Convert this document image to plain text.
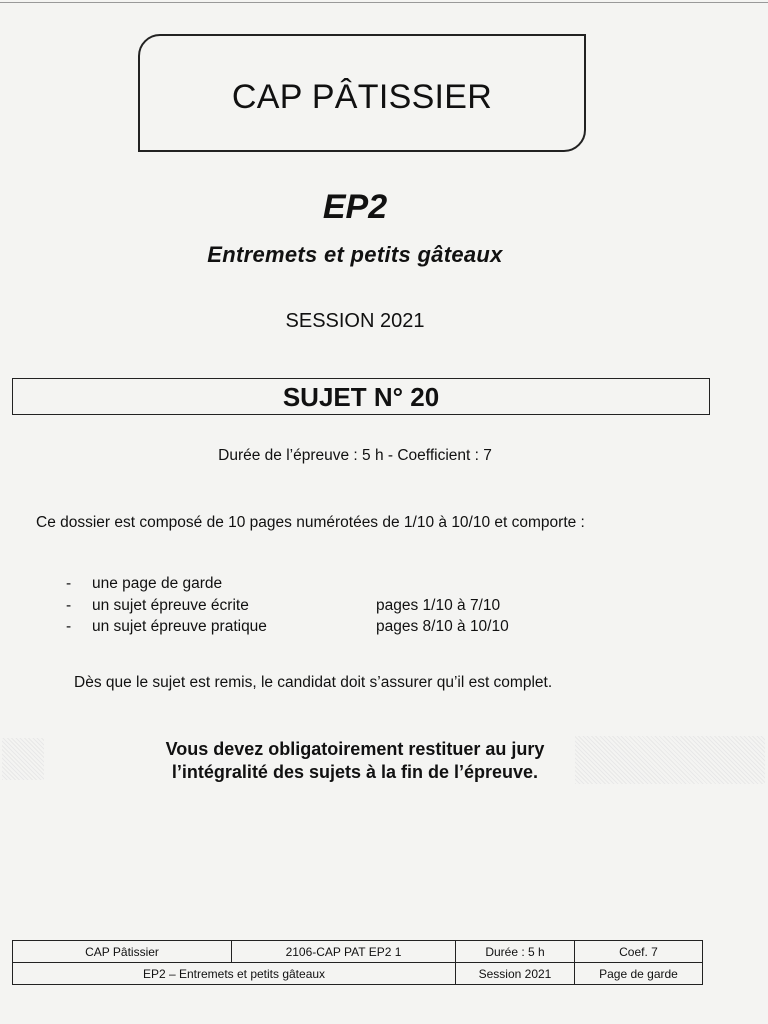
CAP PÂTISSIER
EP2
Entremets et petits gâteaux
SESSION 2021
SUJET N° 20
Durée de l’épreuve : 5 h - Coefficient : 7
Ce dossier est composé de 10 pages numérotées de 1/10 à 10/10 et comporte :
- une page de garde
- un sujet épreuve écrite	pages 1/10 à 7/10
- un sujet épreuve pratique	pages 8/10 à 10/10
Dès que le sujet est remis, le candidat doit s’assurer qu’il est complet.
Vous devez obligatoirement restituer au jury
l’intégralité des sujets à la fin de l’épreuve.
CAP Pâtissier	2106-CAP PAT EP2 1	Durée : 5 h	Coef. 7
EP2 – Entremets et petits gâteaux		Session 2021	Page de garde
